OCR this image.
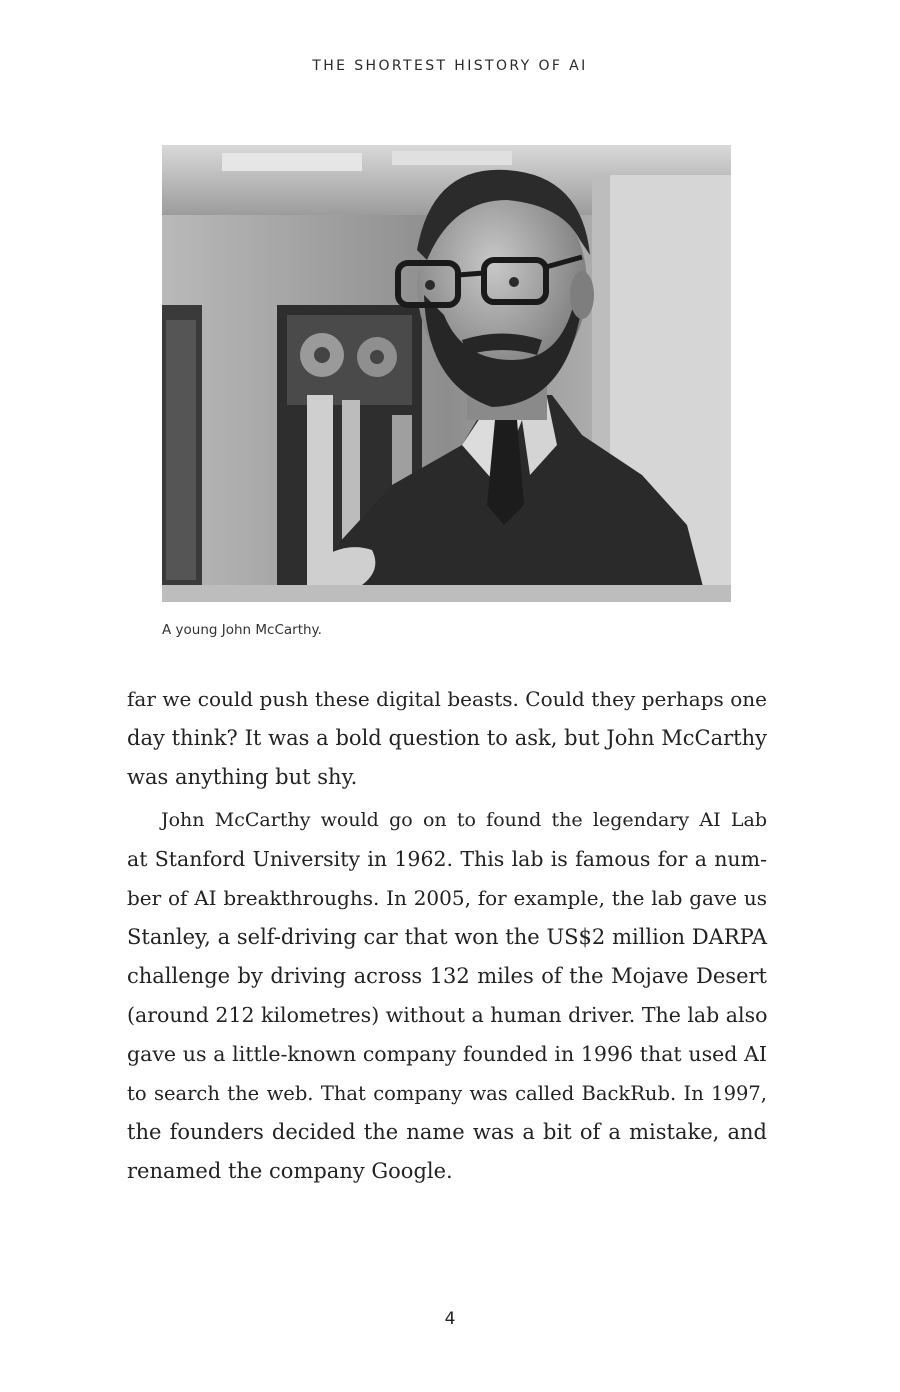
THE SHORTEST HISTORY OF AI
A young John McCarthy.
far we could push these digital beasts. Could they perhaps one
day think? It was a bold question to ask, but John McCarthy
was anything but shy.
John McCarthy would go on to found the legendary AI Lab
at Stanford University in 1962. This lab is famous for a num-
ber of AI breakthroughs. In 2005, for example, the lab gave us
Stanley, a self-driving car that won the US$2 million DARPA
challenge by driving across 132 miles of the Mojave Desert
(around 212 kilometres) without a human driver. The lab also
gave us a little-known company founded in 1996 that used AI
to search the web. That company was called BackRub. In 1997,
the founders decided the name was a bit of a mistake, and
renamed the company Google.
4
